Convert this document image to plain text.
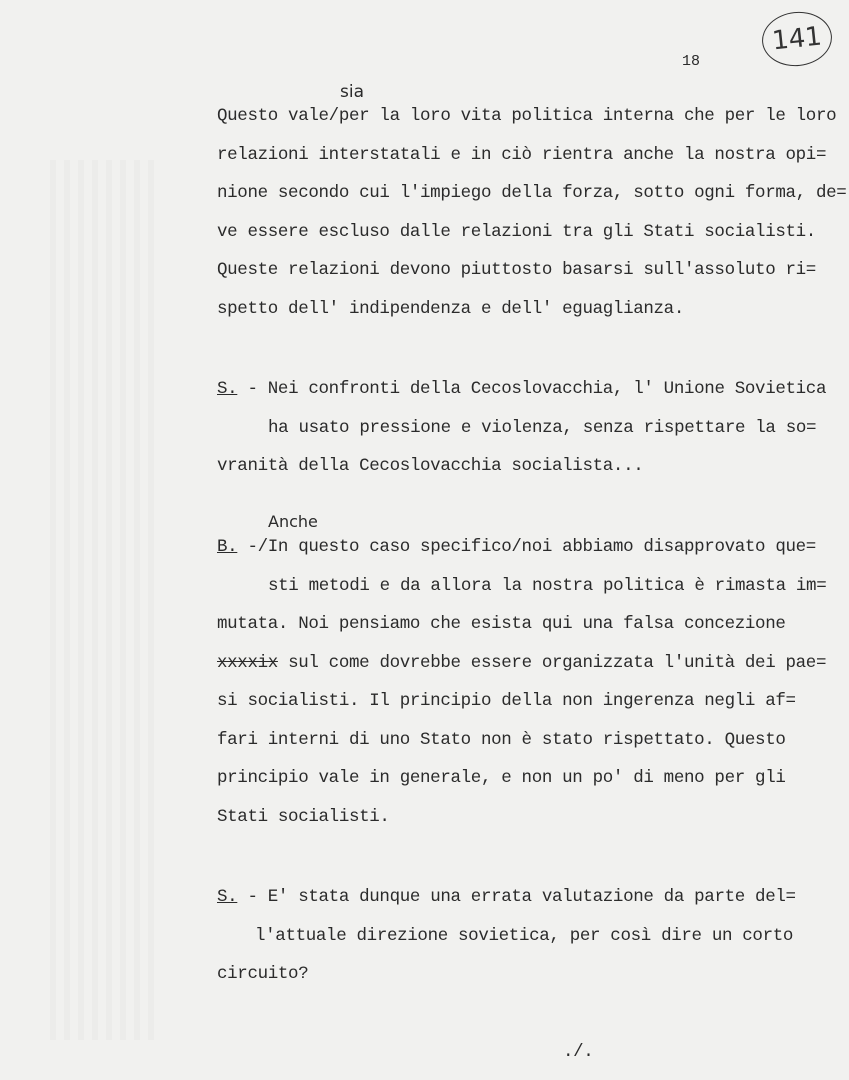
141
18
sia
Questo vale/per la loro vita politica interna che per le loro
relazioni interstatali e in ciò rientra anche la nostra opi=
nione secondo cui l'impiego della forza, sotto ogni forma, de=
ve essere escluso dalle relazioni tra gli Stati socialisti.
Queste relazioni devono piuttosto basarsi sull'assoluto ri=
spetto dell' indipendenza e dell' eguaglianza.
S. - Nei confronti della Cecoslovacchia, l' Unione Sovietica
ha usato pressione e violenza, senza rispettare la so=
vranità della Cecoslovacchia socialista...
Anche
B. -/In questo caso specifico/noi abbiamo disapprovato que=
sti metodi e da allora la nostra politica è rimasta im=
mutata. Noi pensiamo che esista qui una falsa concezione
xxxxix sul come dovrebbe essere organizzata l'unità dei pae=
si socialisti. Il principio della non ingerenza negli af=
fari interni di uno Stato non è stato rispettato. Questo
principio vale in generale, e non un po' di meno per gli
Stati socialisti.
S. - E' stata dunque una errata valutazione da parte del=
l'attuale direzione sovietica, per così dire un corto
circuito?
./.
